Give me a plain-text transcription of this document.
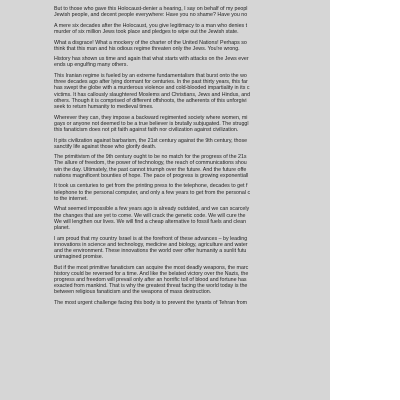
But to those who gave this Holocaust-denier a hearing, I say on behalf of my peopl
Jewish people, and decent people everywhere: Have you no shame? Have you no

A mere six decades after the Holocaust, you give legitimacy to a man who denies t
murder of six million Jews took place and pledges to wipe out the Jewish state.

What a disgrace! What a mockery of the charter of the United Nations! Perhaps so
think that this man and his odious regime threaten only the Jews. You're wrong.

History has shown us time and again that what starts with attacks on the Jews ever
ends up engulfing many others.

This Iranian regime is fueled by an extreme fundamentalism that burst onto the wo
three decades ago after lying dormant for centuries. In the past thirty years, this far
has swept the globe with a murderous violence and cold-blooded impartiality in its c
victims. It has callously slaughtered Moslems and Christians, Jews and Hindus, and
others. Though it is comprised of different offshoots, the adherents of this unforgivi
seek to return humanity to medieval times.

Wherever they can, they impose a backward regimented society where women, mi
gays or anyone not deemed to be a true believer is brutally subjugated. The struggl
this fanaticism does not pit faith against faith nor civilization against civilization.

It pits civilization against barbarism, the 21st century against the 9th century, those
sanctify life against those who glorify death.

The primitivism of the 9th century ought to be no match for the progress of the 21s
The allure of freedom, the power of technology, the reach of communications shou
win the day. Ultimately, the past cannot triumph over the future. And the future offe
nations magnificent bounties of hope. The pace of progress is growing exponentiall

It took us centuries to get from the printing press to the telephone, decades to get f
telephone to the personal computer, and only a few years to get from the personal c
to the internet.

What seemed impossible a few years ago is already outdated, and we can scarcely
the changes that are yet to come. We will crack the genetic code. We will cure the
We will lengthen our lives. We will find a cheap alternative to fossil fuels and clean
planet.

I am proud that my country Israel is at the forefront of these advances – by leading
innovations in science and technology, medicine and biology, agriculture and water
and the environment. These innovations the world over offer humanity a sunlit futu
unimagined promise.

But if the most primitive fanaticism can acquire the most deadly weapons, the marc
history could be reversed for a time. And like the belated victory over the Nazis, the
progress and freedom will prevail only after an horrific toll of blood and fortune has
exacted from mankind. That is why the greatest threat facing the world today is the
between religious fanaticism and the weapons of mass destruction.

The most urgent challenge facing this body is to prevent the tyrants of Tehran from
